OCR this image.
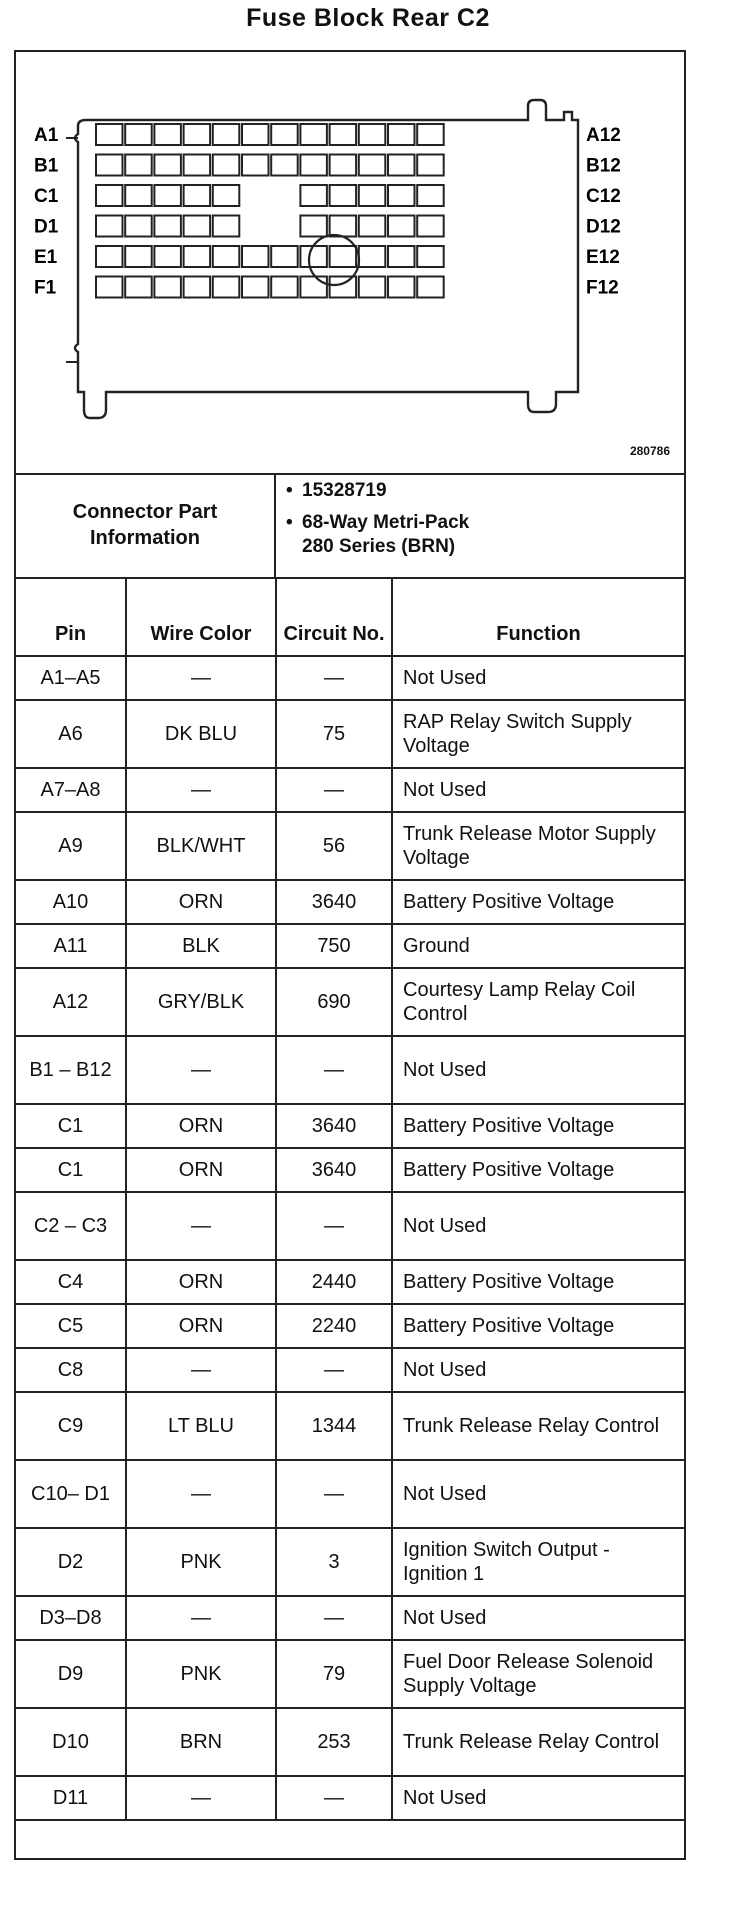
Fuse Block Rear C2
A1	A12
B1	B12
C1	C12
D1	D12
E1	E12
F1	F12
280786
Connector Part Information
• 15328719
• 68-Way Metri-Pack
280 Series (BRN)
Pin	Wire Color	Circuit No.	Function
A1–A5	—	—	Not Used
A6	DK BLU	75	RAP Relay Switch Supply Voltage
A7–A8	—	—	Not Used
A9	BLK/WHT	56	Trunk Release Motor Supply Voltage
A10	ORN	3640	Battery Positive Voltage
A11	BLK	750	Ground
A12	GRY/BLK	690	Courtesy Lamp Relay Coil Control
B1 – B12	—	—	Not Used
C1	ORN	3640	Battery Positive Voltage
C1	ORN	3640	Battery Positive Voltage
C2 – C3	—	—	Not Used
C4	ORN	2440	Battery Positive Voltage
C5	ORN	2240	Battery Positive Voltage
C8	—	—	Not Used
C9	LT BLU	1344	Trunk Release Relay Control
C10– D1	—	—	Not Used
D2	PNK	3	Ignition Switch Output - Ignition 1
D3–D8	—	—	Not Used
D9	PNK	79	Fuel Door Release Solenoid Supply Voltage
D10	BRN	253	Trunk Release Relay Control
D11	—	—	Not Used
